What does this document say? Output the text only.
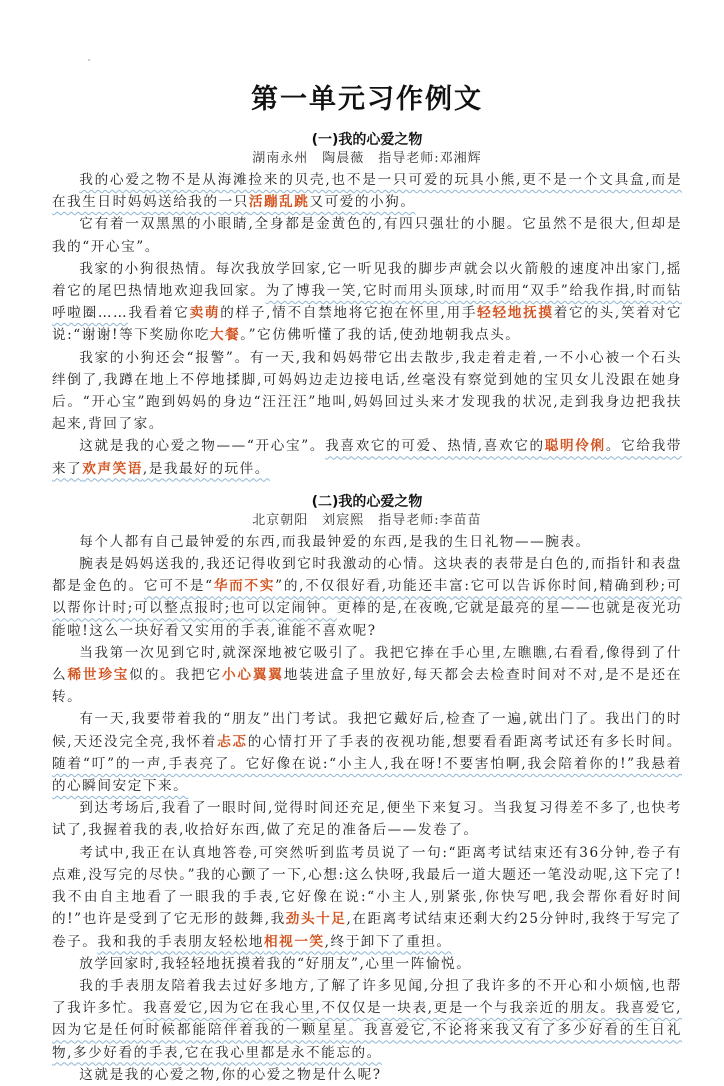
第一单元习作例文
(一)我的心爱之物
湖南永州　陶晨薇　指导老师:邓湘辉

我的心爱之物不是从海滩捡来的贝壳,也不是一只可爱的玩具小熊,更不是一个文具盒,而是在我生日时妈妈送给我的一只活蹦乱跳又可爱的小狗。

它有着一双黑黑的小眼睛,全身都是金黄色的,有四只强壮的小腿。它虽然不是很大,但却是我的“开心宝”。

我家的小狗很热情。每次我放学回家,它一听见我的脚步声就会以火箭般的速度冲出家门,摇着它的尾巴热情地欢迎我回家。为了博我一笑,它时而用头顶球,时而用“双手”给我作揖,时而钻呼啦圈……我看着它卖萌的样子,情不自禁地将它抱在怀里,用手轻轻地抚摸着它的头,笑着对它说:“谢谢!等下奖励你吃大餐。”它仿佛听懂了我的话,使劲地朝我点头。

我家的小狗还会“报警”。有一天,我和妈妈带它出去散步,我走着走着,一不小心被一个石头绊倒了,我蹲在地上不停地揉脚,可妈妈边走边接电话,丝毫没有察觉到她的宝贝女儿没跟在她身后。“开心宝”跑到妈妈的身边“汪汪汪”地叫,妈妈回过头来才发现我的状况,走到我身边把我扶起来,背回了家。

这就是我的心爱之物——“开心宝”。我喜欢它的可爱、热情,喜欢它的聪明伶俐。它给我带来了欢声笑语,是我最好的玩伴。

(二)我的心爱之物
北京朝阳　刘宸熙　指导老师:李苗苗

每个人都有自己最钟爱的东西,而我最钟爱的东西,是我的生日礼物——腕表。

腕表是妈妈送我的,我还记得收到它时我激动的心情。这块表的表带是白色的,而指针和表盘都是金色的。它可不是“华而不实”的,不仅很好看,功能还丰富:它可以告诉你时间,精确到秒;可以帮你计时;可以整点报时;也可以定闹钟。更棒的是,在夜晚,它就是最亮的星——也就是夜光功能啦!这么一块好看又实用的手表,谁能不喜欢呢?

当我第一次见到它时,就深深地被它吸引了。我把它捧在手心里,左瞧瞧,右看看,像得到了什么稀世珍宝似的。我把它小心翼翼地装进盒子里放好,每天都会去检查时间对不对,是不是还在转。

有一天,我要带着我的“朋友”出门考试。我把它戴好后,检查了一遍,就出门了。我出门的时候,天还没完全亮,我怀着忐忑的心情打开了手表的夜视功能,想要看看距离考试还有多长时间。随着“叮”的一声,手表亮了。它好像在说:“小主人,我在呀!不要害怕啊,我会陪着你的!”我悬着的心瞬间安定下来。

到达考场后,我看了一眼时间,觉得时间还充足,便坐下来复习。当我复习得差不多了,也快考试了,我握着我的表,收拾好东西,做了充足的准备后——发卷了。

考试中,我正在认真地答卷,可突然听到监考员说了一句:“距离考试结束还有36分钟,卷子有点难,没写完的尽快。”我的心颤了一下,心想:这么快呀,我最后一道大题还一笔没动呢,这下完了!我不由自主地看了一眼我的手表,它好像在说:“小主人,别紧张,你快写吧,我会帮你看好时间的!”也许是受到了它无形的鼓舞,我劲头十足,在距离考试结束还剩大约25分钟时,我终于写完了卷子。我和我的手表朋友轻松地相视一笑,终于卸下了重担。

放学回家时,我轻轻地抚摸着我的“好朋友”,心里一阵愉悦。

我的手表朋友陪着我去过好多地方,了解了许多见闻,分担了我许多的不开心和小烦恼,也帮了我许多忙。我喜爱它,因为它在我心里,不仅仅是一块表,更是一个与我亲近的朋友。我喜爱它,因为它是任何时候都能陪伴着我的一颗星星。我喜爱它,不论将来我又有了多少好看的生日礼物,多少好看的手表,它在我心里都是永不能忘的。

这就是我的心爱之物,你的心爱之物是什么呢?
